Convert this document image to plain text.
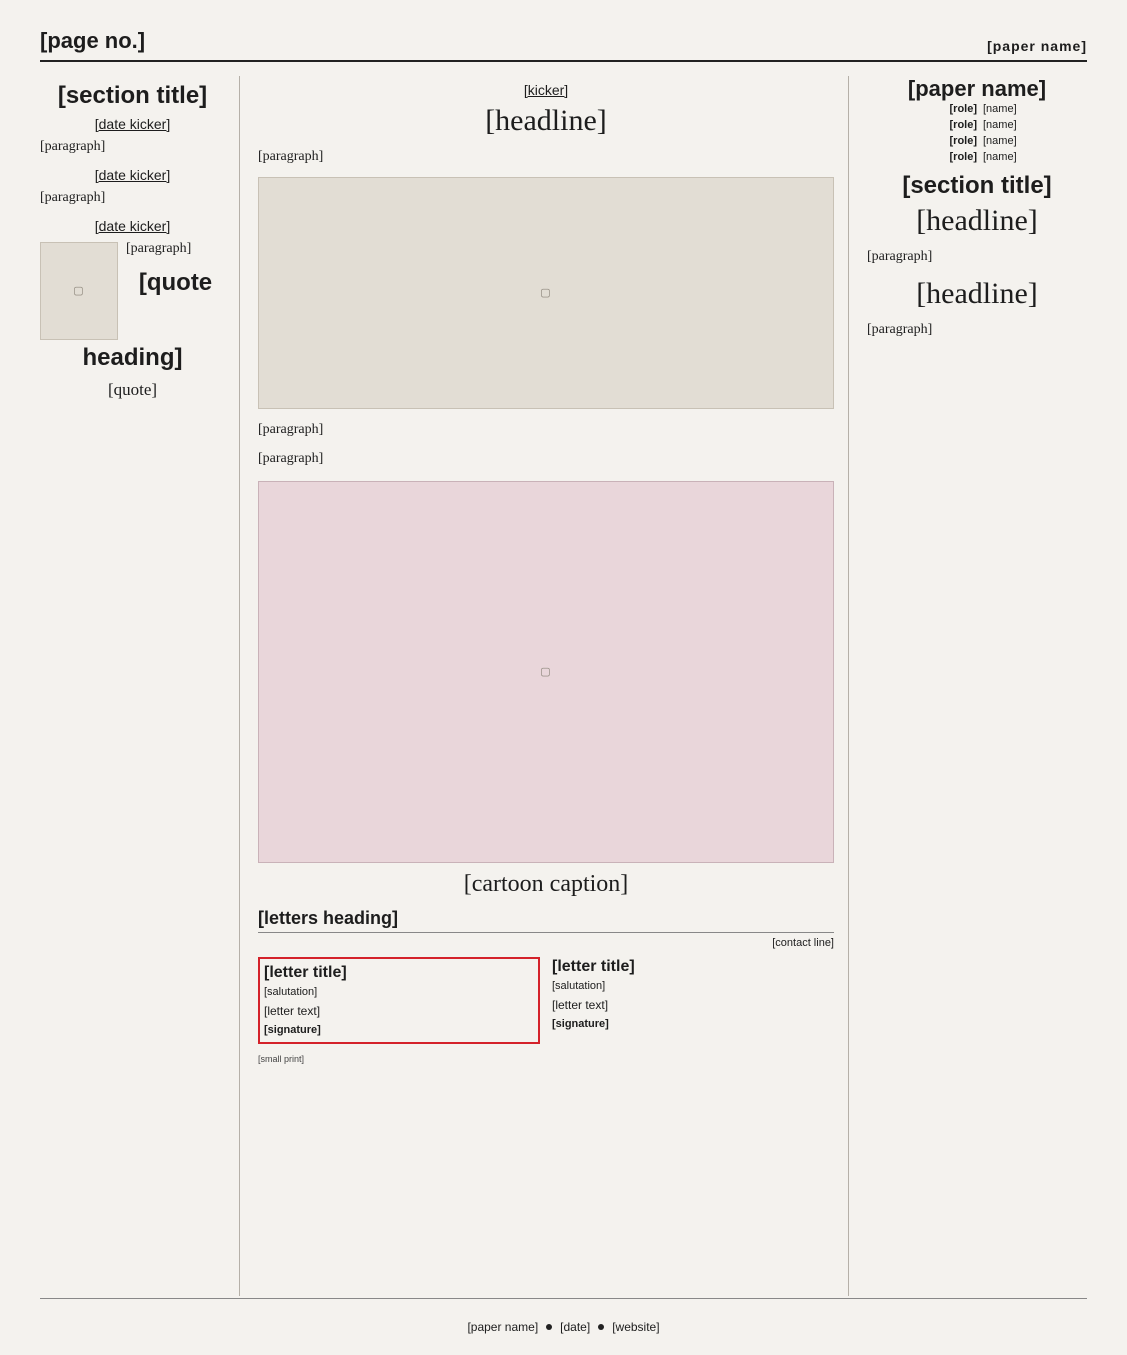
[page no.]	[paper name]
[section title]
[date kicker]

[paragraph]

[date kicker]

[paragraph]

[date kicker]
▢

[paragraph]

[quote heading]
[quote]
[kicker]
[headline]

[paragraph]

▢

[paragraph]

[paragraph]

▢
[cartoon caption]
[letters heading]
[contact line]
[letter title]
[salutation]
[letter text]
[signature]
[letter title]
[salutation]
[letter text]
[signature]
[small print]
[paper name]
[role] [name]
[role] [name]
[role] [name]
[role] [name]
[section title]
[headline]

[paragraph]

[headline]

[paragraph]

[paper name] [date] [website]
